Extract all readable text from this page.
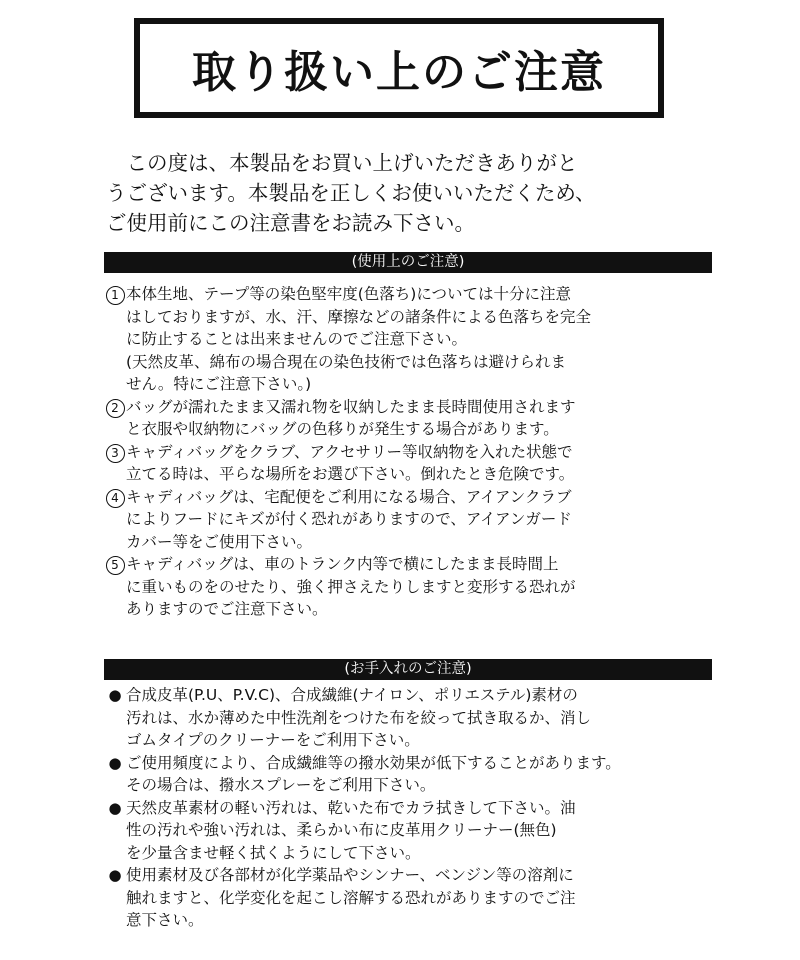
取り扱い上のご注意
　この度は、本製品をお買い上げいただきありがと
うございます。本製品を正しくお使いいただくため、
ご使用前にこの注意書をお読み下さい。
(使用上のご注意)
1 本体生地、テープ等の染色堅牢度(色落ち)については十分に注意
はしておりますが、水、汗、摩擦などの諸条件による色落ちを完全
に防止することは出来ませんのでご注意下さい。
(天然皮革、綿布の場合現在の染色技術では色落ちは避けられま
せん。特にご注意下さい。)
2 バッグが濡れたまま又濡れ物を収納したまま長時間使用されます
と衣服や収納物にバッグの色移りが発生する場合があります。
3 キャディバッグをクラブ、アクセサリー等収納物を入れた状態で
立てる時は、平らな場所をお選び下さい。倒れたとき危険です。
4 キャディバッグは、宅配便をご利用になる場合、アイアンクラブ
によりフードにキズが付く恐れがありますので、アイアンガード
カバー等をご使用下さい。
5 キャディバッグは、車のトランク内等で横にしたまま長時間上
に重いものをのせたり、強く押さえたりしますと変形する恐れが
ありますのでご注意下さい。
(お手入れのご注意)
● 合成皮革(P.U、P.V.C)、合成繊維(ナイロン、ポリエステル)素材の
汚れは、水か薄めた中性洗剤をつけた布を絞って拭き取るか、消し
ゴムタイプのクリーナーをご利用下さい。
● ご使用頻度により、合成繊維等の撥水効果が低下することがあります。
その場合は、撥水スプレーをご利用下さい。
● 天然皮革素材の軽い汚れは、乾いた布でカラ拭きして下さい。油
性の汚れや強い汚れは、柔らかい布に皮革用クリーナー(無色)
を少量含ませ軽く拭くようにして下さい。
● 使用素材及び各部材が化学薬品やシンナー、ベンジン等の溶剤に
触れますと、化学変化を起こし溶解する恐れがありますのでご注
意下さい。
